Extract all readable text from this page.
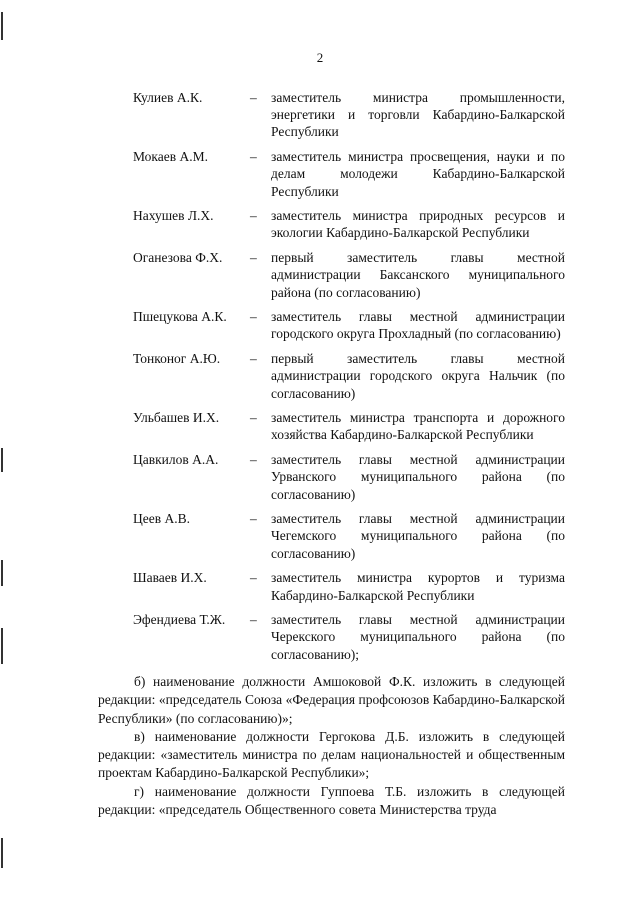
2
Кулиев А.К.	–	заместитель министра промышленности, энергетики и торговли Кабардино-Балкарской Республики
Мокаев А.М.	–	заместитель министра просвещения, науки и по делам молодежи Кабардино-Балкарской Республики
Нахушев Л.Х.	–	заместитель министра природных ресурсов и экологии Кабардино-Балкарской Республики
Оганезова Ф.Х.	–	первый заместитель главы местной администрации Баксанского муниципального района (по согласованию)
Пшецукова А.К.	–	заместитель главы местной администрации городского округа Прохладный (по согласованию)
Тонконог А.Ю.	–	первый заместитель главы местной администрации городского округа Нальчик (по согласованию)
Ульбашев И.Х.	–	заместитель министра транспорта и дорожного хозяйства Кабардино-Балкарской Республики
Цавкилов А.А.	–	заместитель главы местной администрации Урванского муниципального района (по согласованию)
Цеев А.В.	–	заместитель главы местной администрации Чегемского муниципального района (по согласованию)
Шаваев И.Х.	–	заместитель министра курортов и туризма Кабардино-Балкарской Республики
Эфендиева Т.Ж.	–	заместитель главы местной администрации Черекского муниципального района (по согласованию);

б) наименование должности Амшоковой Ф.К. изложить в следующей редакции: «председатель Союза «Федерация профсоюзов Кабардино-Балкарской Республики» (по согласованию)»;

в) наименование должности Гергокова Д.Б. изложить в следующей редакции: «заместитель министра по делам национальностей и общественным проектам Кабардино-Балкарской Республики»;

г) наименование должности Гуппоева Т.Б. изложить в следующей редакции: «председатель Общественного совета Министерства труда
